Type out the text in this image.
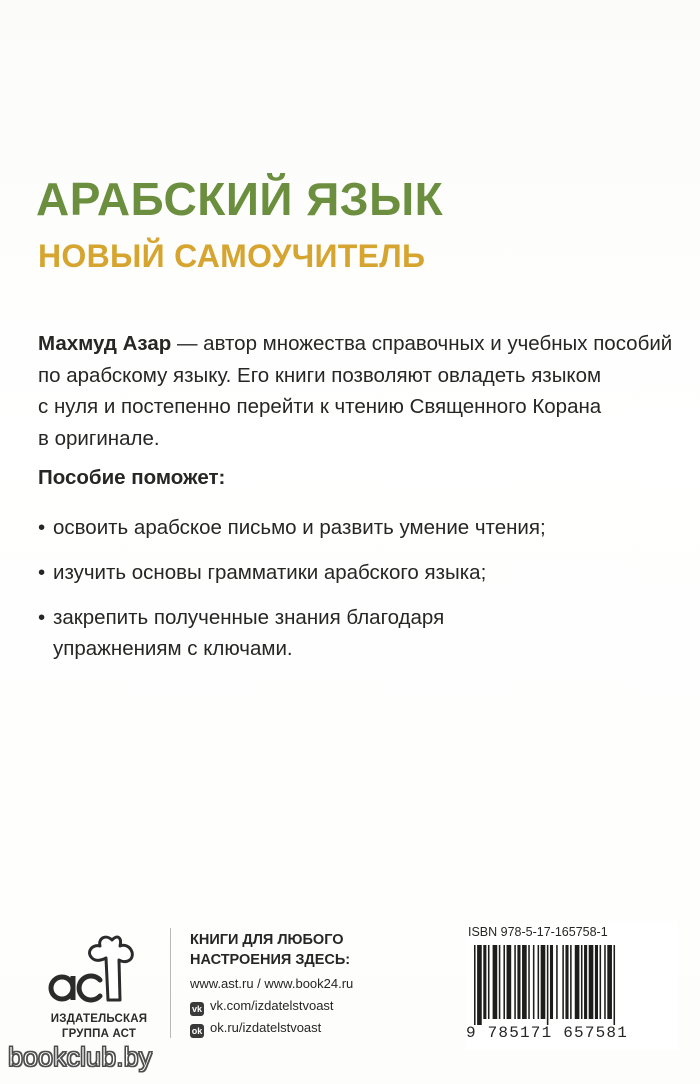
АРАБСКИЙ ЯЗЫК
НОВЫЙ САМОУЧИТЕЛЬ
Махмуд Азар — автор множества справочных и учебных пособий
по арабскому языку. Его книги позволяют овладеть языком
с нуля и постепенно перейти к чтению Священного Корана
в оригинале.
Пособие поможет:
• освоить арабское письмо и развить умение чтения;
• изучить основы грамматики арабского языка;
• закрепить полученные знания благодаря
упражнениям с ключами.
ИЗДАТЕЛЬСКАЯ
ГРУППА АСТ
КНИГИ ДЛЯ ЛЮБОГО
НАСТРОЕНИЯ ЗДЕСЬ:
www.ast.ru / www.book24.ru
vk vk.com/izdatelstvoast
ok ok.ru/izdatelstvoast
ISBN 978-5-17-165758-1
9 785171 657581
bookclub.by
